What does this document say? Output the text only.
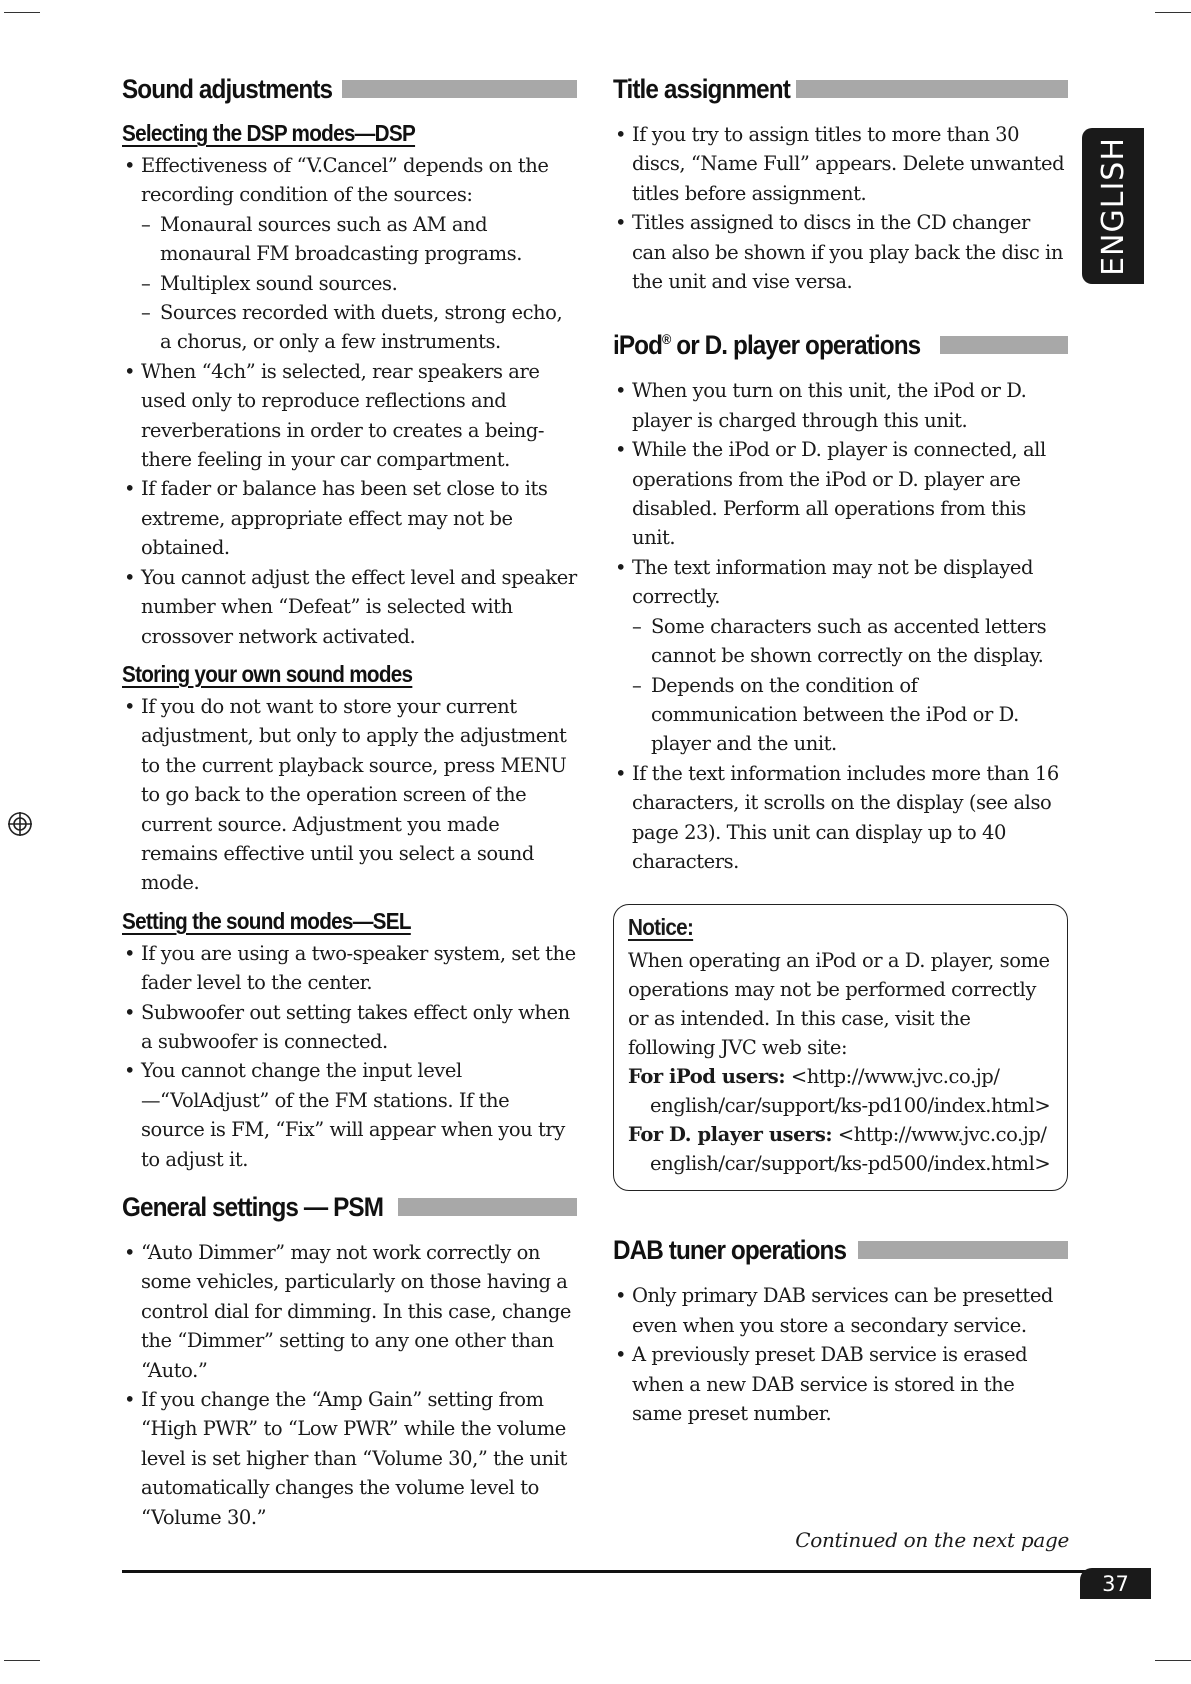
ENGLISH
Sound adjustments
Selecting the DSP modes—DSP
• Effectiveness of “V.Cancel” depends on the recording condition of the sources:
– Monaural sources such as AM and monaural FM broadcasting programs.
– Multiplex sound sources.
– Sources recorded with duets, strong echo, a chorus, or only a few instruments.
• When “4ch” is selected, rear speakers are used only to reproduce reflections and reverberations in order to creates a being-there feeling in your car compartment.
• If fader or balance has been set close to its extreme, appropriate effect may not be obtained.
• You cannot adjust the effect level and speaker number when “Defeat” is selected with crossover network activated.
Storing your own sound modes
• If you do not want to store your current adjustment, but only to apply the adjustment to the current playback source, press MENU to go back to the operation screen of the current source. Adjustment you made remains effective until you select a sound mode.
Setting the sound modes—SEL
• If you are using a two-speaker system, set the fader level to the center.
• Subwoofer out setting takes effect only when a subwoofer is connected.
• You cannot change the input level—“VolAdjust” of the FM stations. If the source is FM, “Fix” will appear when you try to adjust it.
General settings — PSM
• “Auto Dimmer” may not work correctly on some vehicles, particularly on those having a control dial for dimming. In this case, change the “Dimmer” setting to any one other than “Auto.”
• If you change the “Amp Gain” setting from “High PWR” to “Low PWR” while the volume level is set higher than “Volume 30,” the unit automatically changes the volume level to “Volume 30.”
Title assignment
• If you try to assign titles to more than 30 discs, “Name Full” appears. Delete unwanted titles before assignment.
• Titles assigned to discs in the CD changer can also be shown if you play back the disc in the unit and vise versa.
iPod® or D. player operations
• When you turn on this unit, the iPod or D. player is charged through this unit.
• While the iPod or D. player is connected, all operations from the iPod or D. player are disabled. Perform all operations from this unit.
• The text information may not be displayed correctly.
– Some characters such as accented letters cannot be shown correctly on the display.
– Depends on the condition of communication between the iPod or D. player and the unit.
• If the text information includes more than 16 characters, it scrolls on the display (see also page 23). This unit can display up to 40 characters.
Notice:
When operating an iPod or a D. player, some operations may not be performed correctly or as intended. In this case, visit the following JVC web site:
For iPod users: <http://www.jvc.co.jp/
english/car/support/ks-pd100/index.html>
For D. player users: <http://www.jvc.co.jp/
english/car/support/ks-pd500/index.html>
DAB tuner operations
• Only primary DAB services can be presetted even when you store a secondary service.
• A previously preset DAB service is erased when a new DAB service is stored in the same preset number.
Continued on the next page
37
